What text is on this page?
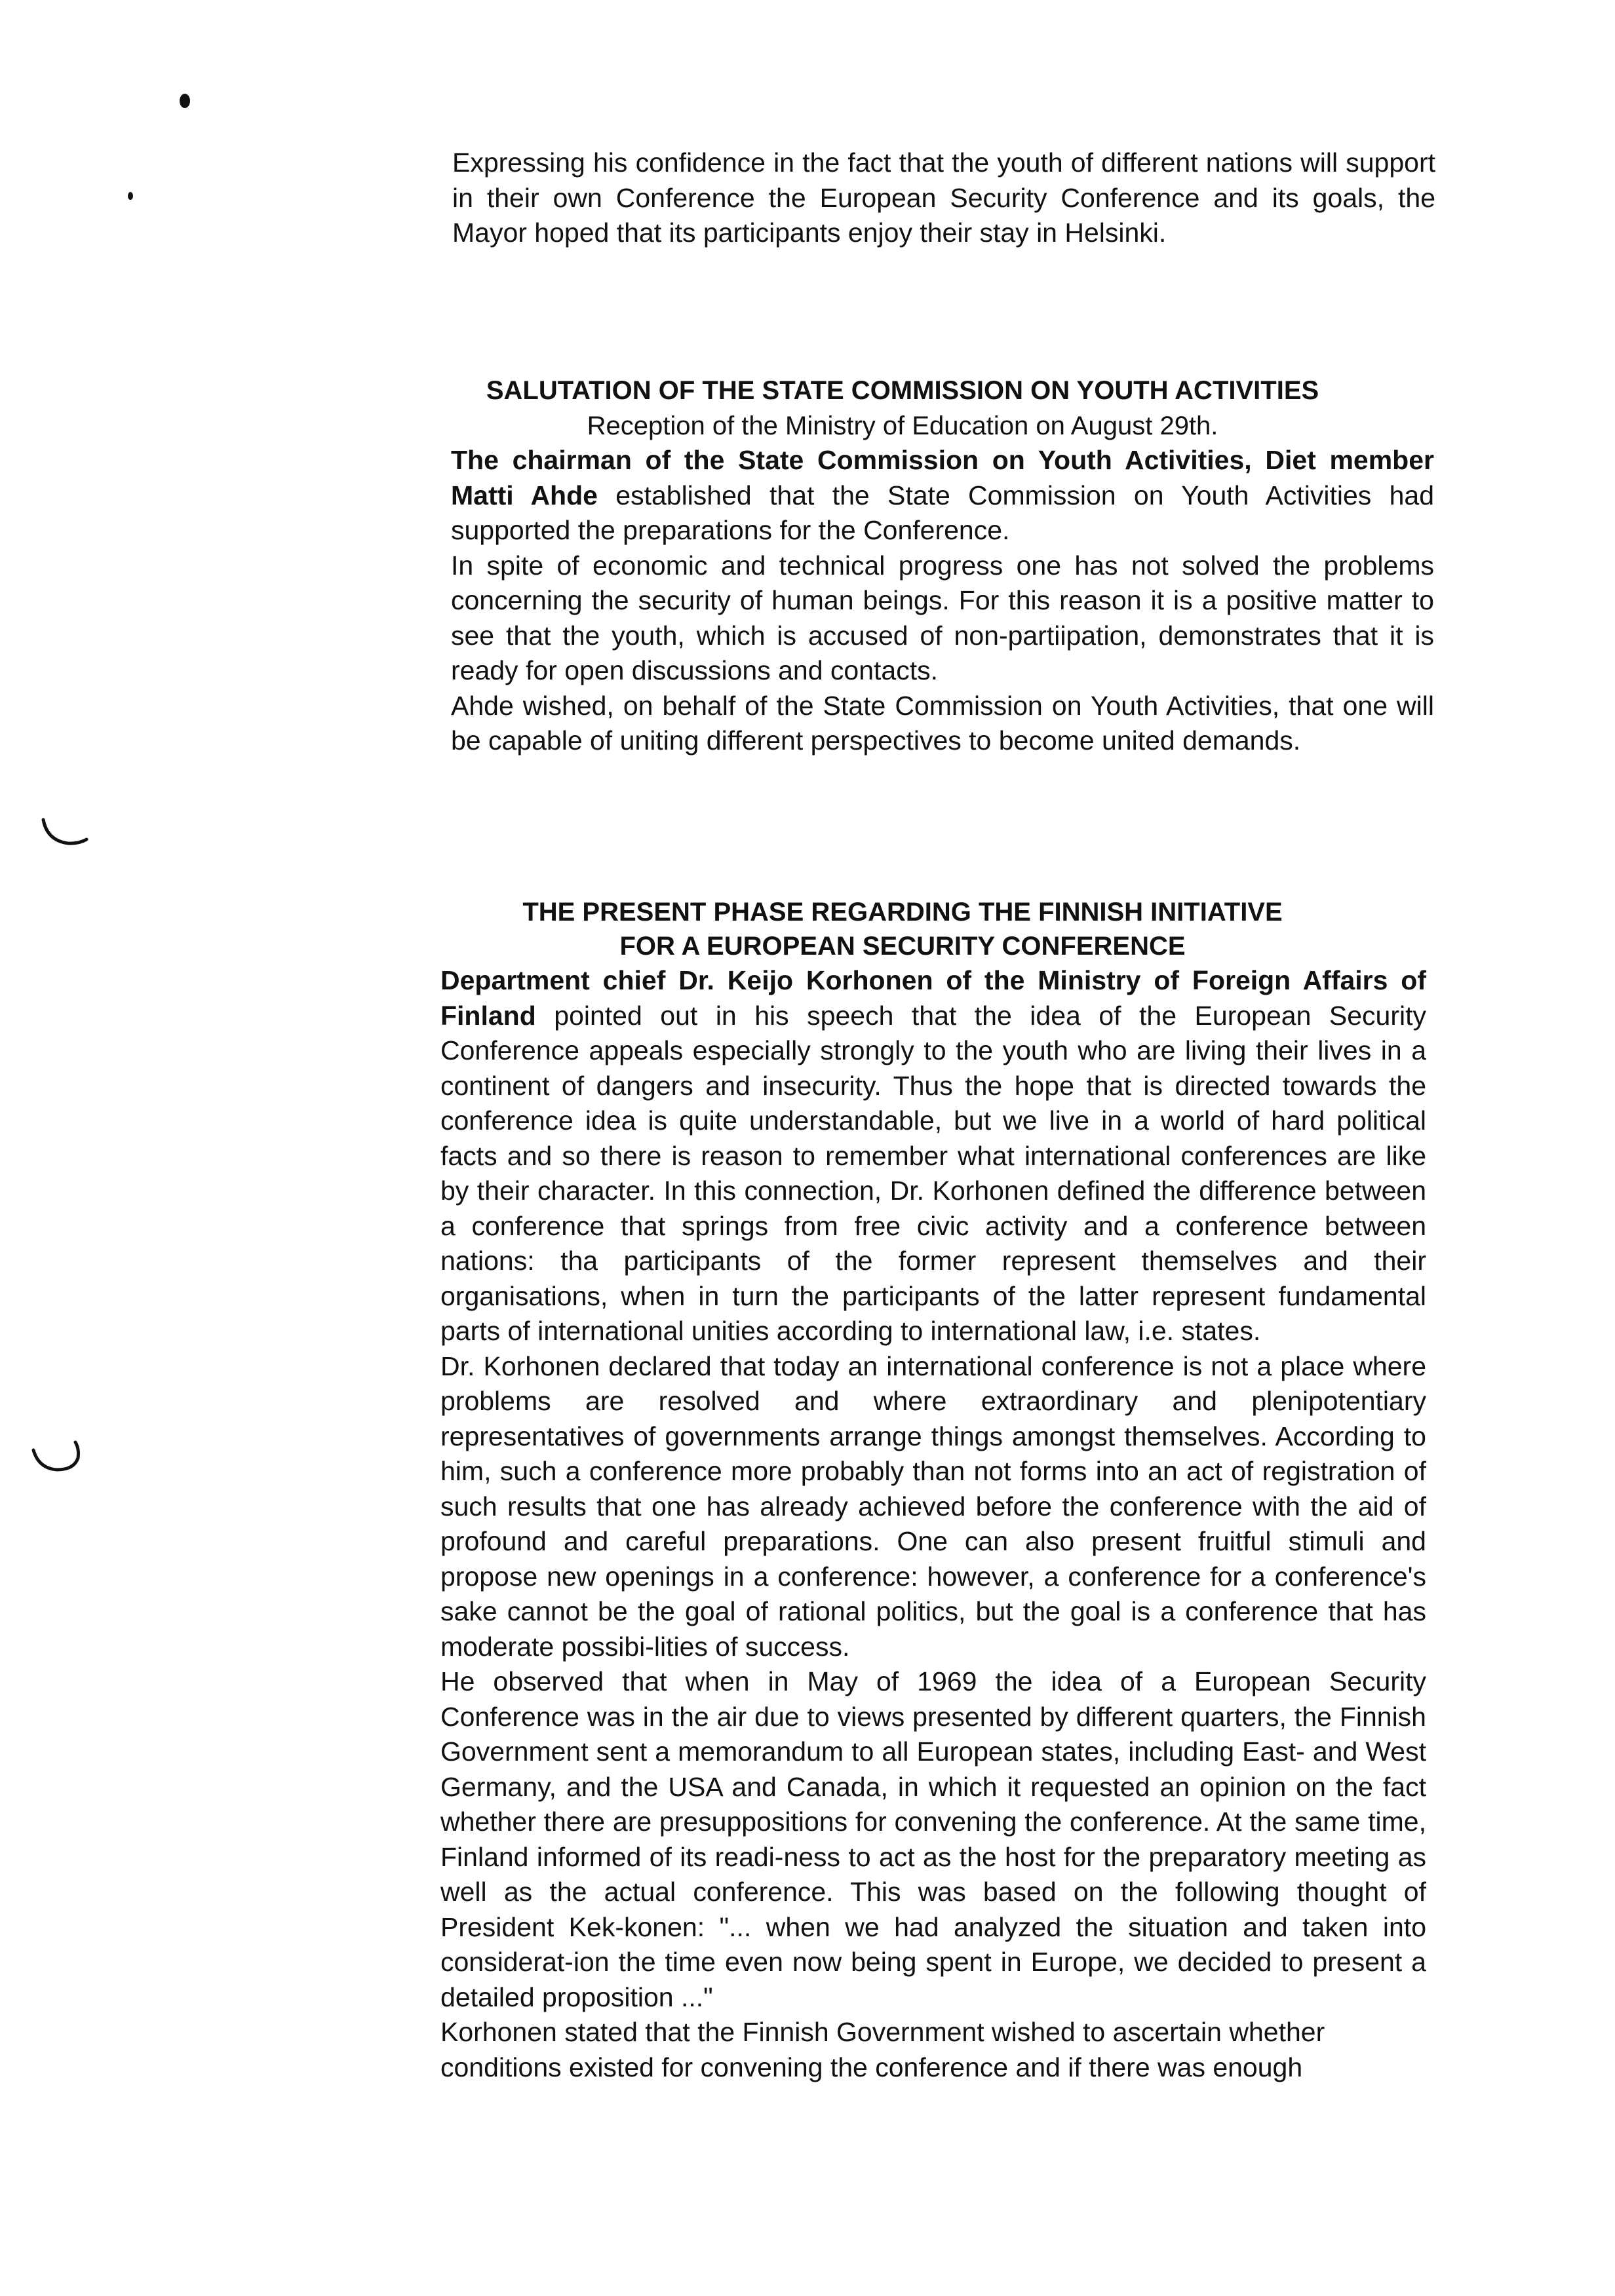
Expressing his confidence in the fact that the youth of different nations will support in their own Conference the European Security Conference and its goals, the Mayor hoped that its participants enjoy their stay in Helsinki.

SALUTATION OF THE STATE COMMISSION ON YOUTH ACTIVITIES
Reception of the Ministry of Education on August 29th.

The chairman of the State Commission on Youth Activities, Diet member Matti Ahde established that the State Commission on Youth Activities had supported the preparations for the Conference.

In spite of economic and technical progress one has not solved the problems concerning the security of human beings. For this reason it is a positive matter to see that the youth, which is accused of non-partiipation, demonstrates that it is ready for open discussions and contacts.

Ahde wished, on behalf of the State Commission on Youth Activities, that one will be capable of uniting different perspectives to become united demands.

THE PRESENT PHASE REGARDING THE FINNISH INITIATIVE
FOR A EUROPEAN SECURITY CONFERENCE

Department chief Dr. Keijo Korhonen of the Ministry of Foreign Affairs of Finland pointed out in his speech that the idea of the European Security Conference appeals especially strongly to the youth who are living their lives in a continent of dangers and insecurity. Thus the hope that is directed towards the conference idea is quite understandable, but we live in a world of hard political facts and so there is reason to remember what international conferences are like by their character. In this connection, Dr. Korhonen defined the difference between a conference that springs from free civic activity and a conference between nations: tha participants of the former represent themselves and their organisations, when in turn the participants of the latter represent fundamental parts of international unities according to international law, i.e. states.

Dr. Korhonen declared that today an international conference is not a place where problems are resolved and where extraordinary and plenipotentiary representatives of governments arrange things amongst themselves. According to him, such a conference more probably than not forms into an act of registration of such results that one has already achieved before the conference with the aid of profound and careful preparations. One can also present fruitful stimuli and propose new openings in a conference: however, a conference for a conference's sake cannot be the goal of rational politics, but the goal is a conference that has moderate possibi-lities of success.

He observed that when in May of 1969 the idea of a European Security Conference was in the air due to views presented by different quarters, the Finnish Government sent a memorandum to all European states, including East- and West Germany, and the USA and Canada, in which it requested an opinion on the fact whether there are presuppositions for convening the conference. At the same time, Finland informed of its readi-ness to act as the host for the preparatory meeting as well as the actual conference. This was based on the following thought of President Kek-konen: "... when we had analyzed the situation and taken into considerat-ion the time even now being spent in Europe, we decided to present a detailed proposition ..."

Korhonen stated that the Finnish Government wished to ascertain whether conditions existed for convening the conference and if there was enough
